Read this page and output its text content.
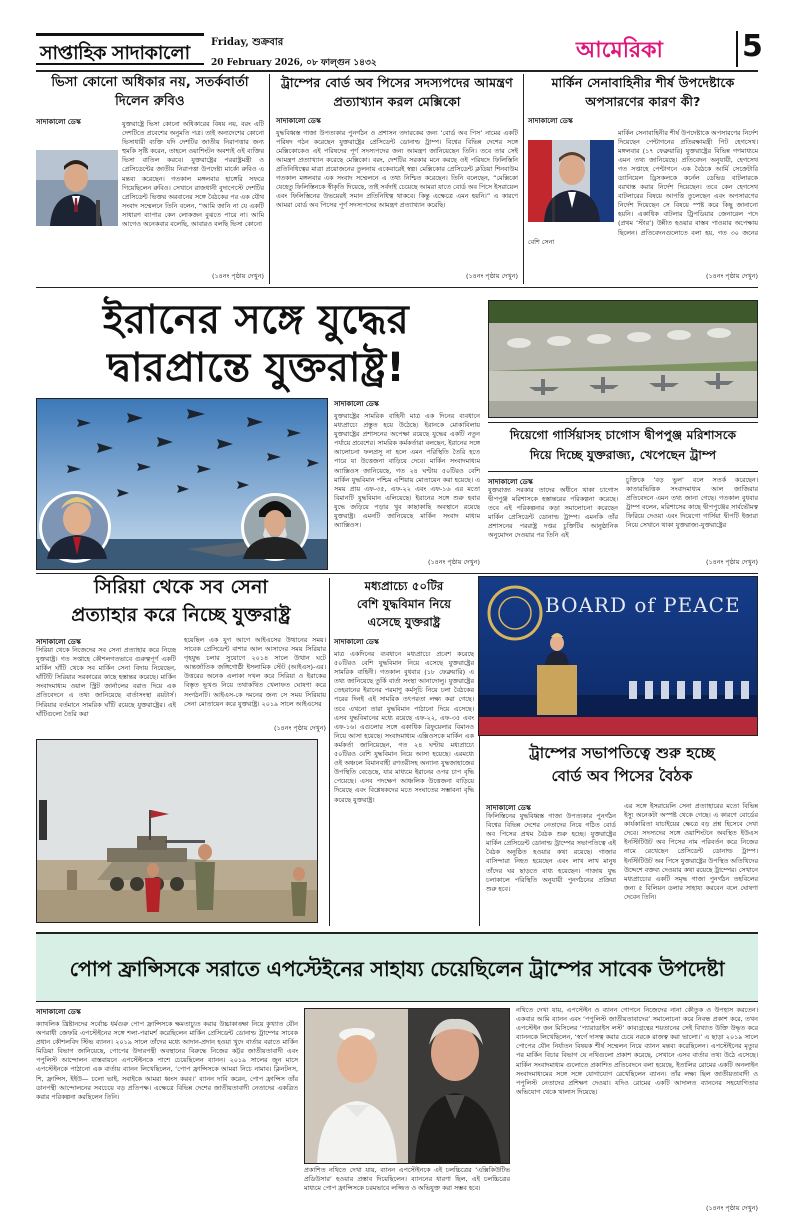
সাপ্তাহিক সাদাকালো Friday, শুক্রবার
20 February 2026, ০৮ ফাল্গুন ১৪৩২	আমেরিকা	5
ভিসা কোনো অধিকার নয়, সতর্কবার্তা দিলেন রুবিও
সাদাকালো ডেস্ক	যুক্তরাষ্ট্রে ভিসা কোনো অধিকারের বিষয় নয়, বরং এটি দেশটিতে প্রবেশের অনুমতি পত্র। তাই অন্যদেশের কোনো ভিসাধারী ব্যক্তি যদি দেশটির জাতীয় নিরাপত্তার জন্য হুমকি সৃষ্টি করেন, তাহলে ওয়াশিংটন অবশ্যই ওই ব্যক্তির ভিসা বাতিল করবে। যুক্তরাষ্ট্রের পররাষ্ট্রমন্ত্রী ও প্রেসিডেন্টের জাতীয় নিরাপত্তা উপদেষ্টা মার্কো রুবিও এ মন্তব্য করেছেন। গতকাল মঙ্গলবার হাঙ্গেরি সফরে গিয়েছিলেন রুবিও। সেখানে রাজধানী বুদাপেস্টে দেশটির প্রেসিডেন্ট ভিক্তর অরবানের সঙ্গে বৈঠকের পর এক যৌথ সংবাদ সম্মেলনে তিনি বলেন, “আমি জানি না যে একটি সাধারণ ব্যাপার কেন লোকজন বুঝতে পারে না। আমি আগেও অনেকবার বলেছি, আবারও বলছি ভিসা কোনো
(১৪নং পৃষ্ঠায় দেখুন)
ট্রাম্পের বোর্ড অব পিসের সদস্যপদের আমন্ত্রণ প্রত্যাখ্যান করল মেক্সিকো
সাদাকালো ডেস্ক
যুদ্ধবিধ্বস্ত গাজা উপত্যকার পুনর্গঠন ও প্রশাসন তদারকের জন্য ‘বোর্ড অব পিস’ নামের একটি পরিষদ গঠন করেছেন যুক্তরাষ্ট্রের প্রেসিডেন্ট ডোনাল্ড ট্রাম্প। বিশ্বের বিভিন্ন দেশের সঙ্গে মেক্সিকোকেও এই পরিষদের পূর্ণ সদস্যপদের জন্য আমন্ত্রণ জানিয়েছেন তিনি। তবে তার সেই আমন্ত্রণ প্রত্যাখ্যান করেছে মেক্সিকো। বরং, দেশটির সরকার মনে করছে ওই পরিষদে ফিলিস্তিনি প্রতিনিধিত্বের মাত্রা প্রয়োজনের তুলনায় একেবারেই স্বল্প। মেক্সিকোর প্রেসিডেন্ট ক্লডিয়া শিনবাউম গতকাল মঙ্গলবার এক সংবাদ সম্মেলনে এ তথ্য নিশ্চিত করেছেন। তিনি বলেছেন, “মেক্সিকো যেহেতু ফিলিস্তিনকে স্বীকৃতি দিয়েছে, তাই সর্বদাই চেয়েছে আমরা যাতে বোর্ড অব পিসে ইসরায়েল এবং ফিলিস্তিনের উভয়েরই সমান প্রতিনিধিত্ব থাকবে। কিন্তু এক্ষেত্রে এমন হয়নি।” এ কারণে আমরা বোর্ড অব পিসের পূর্ণ সদস্যপদের আমন্ত্রণ প্রত্যাখ্যান করেছি।
(১৪নং পৃষ্ঠায় দেখুন)
মার্কিন সেনাবাহিনীর শীর্ষ উপদেষ্টাকে অপসারণের কারণ কী?
সাদাকালো ডেস্ক
মার্কিন সেনাবাহিনীর শীর্ষ উপদেষ্টাকে অপসারণের নির্দেশ দিয়েছেন পেন্টাগনের প্রতিরক্ষামন্ত্রী পিট হেগসেথ। মঙ্গলবার (১৭ ফেব্রুয়ারি) যুক্তরাষ্ট্রের বিভিন্ন গণমাধ্যমে এমন তথ্য জানিয়েছে। প্রতিবেদন অনুযায়ী, হেগসেথ গত সপ্তাহে পেন্টাগনে এক বৈঠকে আর্মি সেক্রেটারি ড্যানিয়েল ড্রিসকলকে কর্নেল ডেভিড বাটলারকে বরখাস্ত করার নির্দেশ দিয়েছেন। তবে কেন হেগসেথ বাটলারের বিষয়ে আপত্তি তুলেছেন এবং অপসারণের নির্দেশ দিয়েছেন সে বিষয়ে স্পষ্ট করে কিছু জানানো হয়নি। একাধিক বাটলার ট্রিপডিয়ার জেনারেল পদে (প্রথম ‘স্টার’) উন্নীত হওয়ার বাস্তব পাওয়ার অপেক্ষায় ছিলেন। প্রতিবেদনগুলোতে বলা হয়, গত ৩০ জনের বেশি সেনা
(১৪নং পৃষ্ঠায় দেখুন)
ইরানের সঙ্গে যুদ্ধের
দ্বারপ্রান্তে যুক্তরাষ্ট্র!
সাদাকালো ডেস্ক
যুক্তরাষ্ট্রের সামরিক বাহিনী মাত্র এক দিনের ব্যবধানে মধ্যপ্রাচ্যে প্রস্তুত হয়ে উঠেছে। ইরানকে মোকাবিলায় যুক্তরাষ্ট্রের প্রশাসনের অপেক্ষা রয়েছে যুদ্ধের একটি নতুন পর্যায়ে প্রবেশের। সামরিক কর্মকর্তারা বলছেন, ইরানের সঙ্গে আলোচনা ফলপ্রসূ না হলে এমন পরিস্থিতি তৈরি হতে পারে যা উত্তেজনা বাড়িয়ে দেবে। মার্কিন সংবাদমাধ্যম অ্যাক্সিওস জানিয়েছে, গত ২৪ ঘণ্টায় ৫০টিরও বেশি মার্কিন যুদ্ধবিমান পশ্চিম এশিয়ায় মোতায়েন করা হয়েছে। এ সময় প্রায় এফ-৩৫, এফ-২২ এবং এফ-১৬ এর মতো বিমানটি যুদ্ধবিমান এলিয়েছে। ইরানের সঙ্গে শুরু হবার যুদ্ধে জড়িয়ে পড়ার খুব কাছাকাছি অবস্থানে রয়েছে যুক্তরাষ্ট্র। এমনটি জানিয়েছে মার্কিন সংবাদ মাধ্যম অ্যাক্সিওস।
(১৪নং পৃষ্ঠায় দেখুন)
দিয়েগো গার্সিয়াসহ চাগোস দ্বীপপুঞ্জ মরিশাসকে
দিয়ে দিচ্ছে যুক্তরাজ্য, খেপেছেন ট্রাম্প
সাদাকালো ডেস্ক
যুক্তরাজ্য সরকার তাদের অধীনে থাকা চাগোস দ্বীপপুঞ্জ মরিশাসকে হস্তান্তরের পরিকল্পনা করেছে। তবে এই পরিকল্পনার কড়া সমালোচনা করেছেন মার্কিন প্রেসিডেন্ট ডোনাল্ড ট্রাম্প। এমনকি তাঁর প্রশাসনের পররাষ্ট্র দপ্তর চুক্তিটির আনুষ্ঠানিক অনুমোদন দেওয়ার পর তিনি এই
চুক্তিকে ‘বড় ভুল’ বলে সতর্ক করেছেন। কাতারভিত্তিক সংবাদমাধ্যম আল জাজিরার প্রতিবেদনে এমন তথ্য জানা গেছে। গতকাল বুধবার ট্রাম্প বলেন, মরিশাসের কাছে দ্বীপপুঞ্জের সার্বভৌমত্ব ফিরিয়ে দেওয়া এবং দিয়েগো গার্সিয়া দ্বীপটি ইজারা নিয়ে সেখানে থাকা যুক্তরাজ্য-যুক্তরাষ্ট্রের
(১৪নং পৃষ্ঠায় দেখুন)
সিরিয়া থেকে সব সেনা
প্রত্যাহার করে নিচ্ছে যুক্তরাষ্ট্র
সাদাকালো ডেস্ক
সিরিয়া থেকে নিজেদের সব সেনা প্রত্যাহার করে নিচ্ছে যুক্তরাষ্ট্র। গত সপ্তাহে কৌশলগতভাবে গুরুত্বপূর্ণ একটি মার্কিন ঘাঁটি থেকে সব মার্কিন সেনা বিদায় নিয়েছেন, ঘাঁটিটি সিরিয়ার সরকারের কাছে হস্তান্তর করেছে। মার্কিন সংবাদমাধ্যম ওয়াল স্ট্রিট জার্নালের বরাত দিয়ে এক প্রতিবেদনে এ তথ্য জানিয়েছে বার্তাসংস্থা রয়টার্স। সিরিয়ার বর্তমানে সামরিক ঘাঁটি রয়েছে যুক্তরাষ্ট্রের। এই ঘাঁটিগুলো তৈরি করা
হয়েছিল এক যুগ আগে আইএসের উত্থানের সময়। সাবেক প্রেসিডেন্ট বাশার আল আসাদের সময় সিরিয়ার গৃহযুদ্ধ চলার সুযোগে ২০১৪ সালে উত্থান ঘটে আন্তর্জাতিক জঙ্গিগোষ্ঠী ইসলামিক স্টেট (আইএস)-এর। উত্তরের অনেক এলাকা দখল করে সিরিয়া ও ইরাকের বিস্তৃত ভূখণ্ড নিয়ে তথাকথিত খেলাফত ঘোষণা করে সংগঠনটি। আইএস-কে দমনের জন্য সে সময় সিরিয়ায় সেনা মোতায়েন করে যুক্তরাষ্ট্র। ২০১৯ সালে আইএসের
(১৪নং পৃষ্ঠায় দেখুন)
মধ্যপ্রাচ্যে ৫০টির
বেশি যুদ্ধবিমান নিয়ে
এসেছে যুক্তরাষ্ট্র
সাদাকালো ডেস্ক
মাত্র একদিনের ব্যবধানে মধ্যপ্রাচ্যে প্রবেশ করেছে ৫০টিরও বেশি যুদ্ধবিমান নিয়ে এসেছে যুক্তরাষ্ট্রের সামরিক বাহিনী। গতকাল বুধবার (১৮ ফেব্রুয়ারি) এ তথ্য জানিয়েছে তুর্কি বার্তা সংস্থা আনাদোলু। যুক্তরাষ্ট্রের তেহরানের ইরানের পরমাণু কর্মসূচি নিয়ে চলা বৈঠকের পরের দিনই এই সামরিক তৎপরতা লক্ষ্য করা গেছে। তবে এখনো তারা যুদ্ধবিমান পাঠানো দিয়ে এসেছে। এসব যুদ্ধবিমানের মধ্যে রয়েছে এফ-২২, এফ-৩৫ এবং এফ-১৬। এগুলোর সঙ্গে একাধিক রিফুয়েলার বিমানও নিয়ে আসা হয়েছে। সংবাদমাধ্যম এক্সিওসকে মার্কিন এক কর্মকর্তা জানিয়েছেন, গত ২৪ ঘণ্টায় মধ্যপ্রাচ্যে ৫০টিরও বেশি যুদ্ধবিমান নিয়ে আসা হয়েছে। এরমধ্যে ওই অঞ্চলে বিমানবাহী রণতরীসহ অন্যান্য যুদ্ধজাহাজের উপস্থিতি বেড়েছে, যার মাধ্যমে ইরানের ওপর চাপ বৃদ্ধি পেয়েছে। এসব পদক্ষেপ আঞ্চলিক উত্তেজনা বাড়িয়ে দিয়েছে এবং বিশ্লেষকদের মতে সংঘাতের সম্ভাবনা বৃদ্ধি করেছে যুক্তরাষ্ট্র।
BOARD of PEACE
ট্রাম্পের সভাপতিত্বে শুরু হচ্ছে
বোর্ড অব পিসের বৈঠক
সাদাকালো ডেস্ক
ফিলিস্তিনের যুদ্ধবিধ্বস্ত গাজা উপত্যকার পুনর্গঠন বিশ্বের বিভিন্ন দেশের নেতাদের নিয়ে গঠিত বোর্ড অব পিসের প্রথম বৈঠক শুরু হচ্ছে। যুক্তরাষ্ট্রের মার্কিন প্রেসিডেন্ট ডোনাল্ড ট্রাম্পের সভাপতিত্বে এই বৈঠক অনুষ্ঠিত হওয়ার কথা রয়েছে। গাজার বাসিন্দারা নিহত হয়েছেন এবং লাখ লাখ মানুষ তাঁদের ঘর ছাড়তে বাধ্য হয়েছেন। গাজায় যুদ্ধ চলাকালে পরিস্থিতি অনুযায়ী পুনর্গঠনের প্রক্রিয়া শুরু হবে।
এর সঙ্গে ইসরায়েলি সেনা প্রত্যাহারের মতো বিভিন্ন ইস্যু অনেকটা অস্পষ্ট থেকে গেছে। এ কারণে বোর্ডের কার্যকারিতা যাচাইয়ের ক্ষেত্রে বড় প্রশ্ন হিসেবে দেখা দেবে। সদস্যদের সঙ্গে ওয়াশিংটনে অবস্থিত ইউএস ইনস্টিটিউট অব পিসের নাম পরিবর্তন করে নিজের নামে রেখেছেন প্রেসিডেন্ট ডোনাল্ড ট্রাম্প। ইনস্টিটিউট অব পিসে যুক্তরাষ্ট্রের উপস্থিত অতিথিদের উদ্দেশে বক্তব্য দেওয়ার কথা রয়েছে ট্রাম্পের। সেখানে মধ্যপ্রাচ্যের একটি সমৃদ্ধ গাজা পুনর্গঠন তহবিলের জন্য ৫ বিলিয়ন ডলার সাহায্য করবেন বলে ঘোষণা দেবেন তিনি।
পোপ ফ্রান্সিসকে সরাতে এপস্টেইনের সাহায্য চেয়েছিলেন ট্রাম্পের সাবেক উপদেষ্টা
সাদাকালো ডেস্ক
ক্যাথলিক খ্রিষ্টানদের সর্বোচ্চ ধর্মগুরু পোপ ফ্রান্সিসকে ক্ষমতাচ্যুত করার উচ্চাকাঙ্ক্ষা নিয়ে কুখ্যাত যৌন অপরাধী জেফরি এপস্টেইনের সঙ্গে শলা-পরামর্শ করেছিলেন মার্কিন প্রেসিডেন্ট ডোনাল্ড ট্রাম্পের সাবেক প্রধান কৌশলবিদ স্টিভ ব্যানন। ২০১৯ সালে তাঁদের মধ্যে আদান-প্রদান হওয়া খুদে বার্তার বরাতে মার্কিন মিডিয়া বিভাগ জানিয়েছে, পোপের উদারপন্থী অবস্থানের বিরুদ্ধে নিজের কট্টর জাতীয়তাবাদী এবং পপুলিস্ট আন্দোলন বাস্তবায়নে এপস্টেইনকে পাশে চেয়েছিলেন ব্যানন। ২০১৯ সালের জুন মাসে এপস্টেইনকে পাঠানো এক বার্তায় ব্যানন লিখেছিলেন, ‘পোপ ফ্রান্সিসকে আমরা নিচে নামাব। ক্লিনটনস, শি, ফ্রান্সিস, ইইউ— চলো ভাই, সবাইকে আমরা ধ্বংস করব।’ ব্যানন দাবি করেন, পোপ ফ্রান্সিস তাঁর ডানপন্থী আন্দোলনের সবচেয়ে বড় প্রতিপক্ষ। এক্ষেত্রে বিভিন্ন দেশের জাতীয়তাবাদী নেতাদের একত্রিত করার পরিকল্পনা করছিলেন তিনি।
প্রকাশিত নথিতে দেখা যায়, ব্যানন এপস্টেইনকে এই চলচ্চিত্রের ‘এক্সিকিউটিভ প্রডিউসার’ হওয়ার প্রস্তাব দিয়েছিলেন। ব্যাননের ধারণা ছিল, এই চলচ্চিত্রের মাধ্যমে পোপ ফ্রান্সিসকে চরমভাবে লজ্জিত ও অভিযুক্ত করা সম্ভব হবে।
নথিতে দেখা যায়, এপস্টেইন ও ব্যানন গোপনে নিজেদের নানা কৌতুক ও উপহাস করতেন। একবার আমি ব্যানন এবং ‘পপুলিস্ট জাতীয়তাবাদের’ সমালোচনা করে নিবন্ধ প্রকাশ করে, তখন এপস্টেইন জন মিসিলের ‘প্যারাডাইস লস্ট’ কাব্যগ্রন্থের শয়তানের সেই বিখ্যাত উক্তি উদ্ধৃত করে ব্যাননকে লিখেছিলেন, ‘স্বর্গে দাসত্ব করার চেয়ে নরকে রাজত্ব করা ভালো।’ এ ছাড়া ২০১৯ সালে পোপের যৌন নির্যাতন বিষয়ক শীর্ষ সম্মেলন নিয়ে ব্যানন মন্তব্য করেছিলেন। এপস্টেইনের মৃত্যুর পর মার্কিন বিচার বিভাগ যে নথিগুলো প্রকাশ করেছে, সেখানে এসব বার্তার তথ্য উঠে এসেছে। মার্কিন সংবাদমাধ্যম গুলোতে প্রকাশিত প্রতিবেদনে বলা হয়েছে, ইতালির রোমের একটি অনলাইন সংবাদমাধ্যমের সঙ্গে সঙ্গে যোগাযোগ রেখেছিলেন ব্যানন। তাঁর লক্ষ্য ছিল জাতীয়তাবাদী ও পপুলিস্ট নেতাদের প্রশিক্ষণ দেওয়া। যদিও রোমের একটি আদালত ব্যাননের সহযোগিতার অভিযোগ থেকে খালাস দিয়েছে।
(১৪নং পৃষ্ঠায় দেখুন)
